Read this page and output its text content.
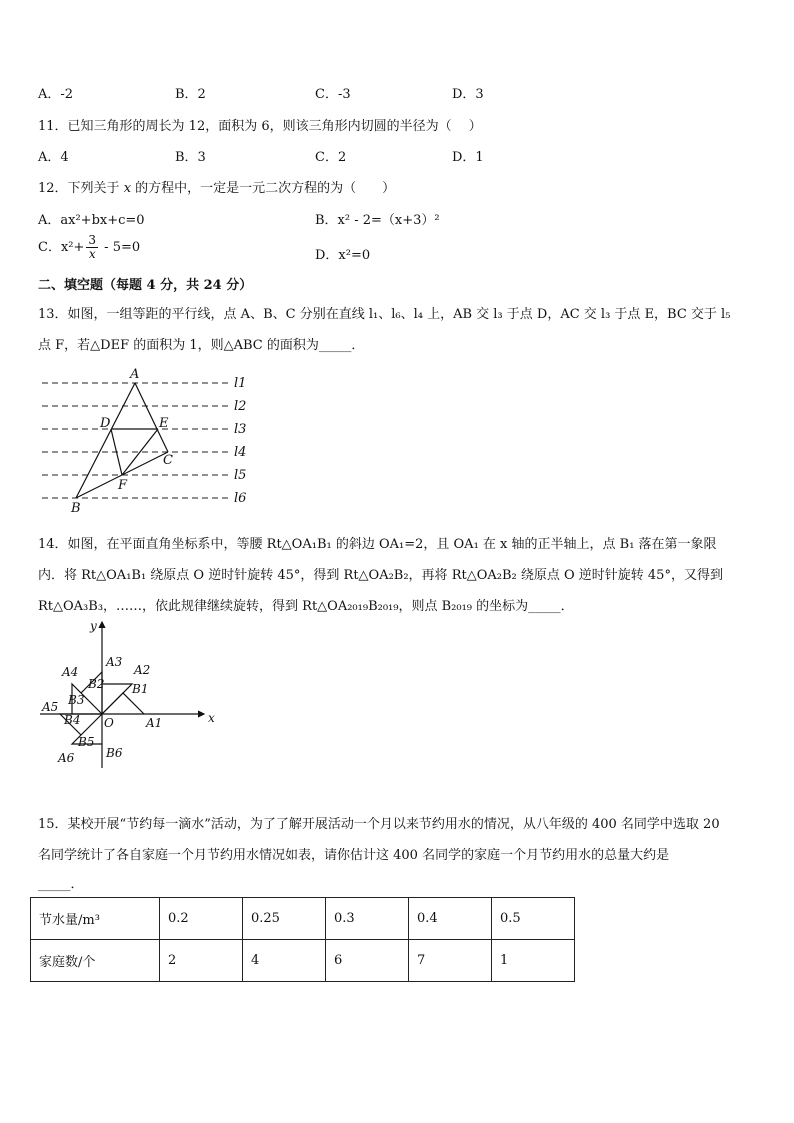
A．-2	B．2	C．-3	D．3
11．已知三角形的周长为 12，面积为 6，则该三角形内切圆的半径为（　 ）
A．4	B．3	C．2	D．1
12．下列关于 x 的方程中，一定是一元二次方程的为（　　）
A．ax²+bx+c=0	B．x² - 2=（x+3）²
C．$x^2+ \frac{3}{x} - 5=0$
D．x²=0
二、填空题（每题 4 分，共 24 分）
13．如图，一组等距的平行线，点 A、B、C 分别在直线 l₁、l₆、l₄ 上，AB 交 l₃ 于点 D，AC 交 l₃ 于点 E，BC 交于 l₅
点 F，若△DEF 的面积为 1，则△ABC 的面积为_____．
A
D	E
C
F
B
l1
l2
l3
l4
l5
l6
14．如图，在平面直角坐标系中，等腰 Rt△OA₁B₁ 的斜边 OA₁=2，且 OA₁ 在 x 轴的正半轴上，点 B₁ 落在第一象限
内．将 Rt△OA₁B₁ 绕原点 O 逆时针旋转 45°，得到 Rt△OA₂B₂，再将 Rt△OA₂B₂ 绕原点 O 逆时针旋转 45°，又得到
Rt△OA₃B₃，……，依此规律继续旋转，得到 Rt△OA₂₀₁₉B₂₀₁₉，则点 B₂₀₁₉ 的坐标为_____．
x
y
O	A1
B1
A2
B2
A3
B3
A4
B4
A5
B5
A6	B6
15．某校开展“节约每一滴水”活动，为了了解开展活动一个月以来节约用水的情况，从八年级的 400 名同学中选取 20
名同学统计了各自家庭一个月节约用水情况如表，请你估计这 400 名同学的家庭一个月节约用水的总量大约是
_____．
节水量/m³	0.2	0.25	0.3	0.4	0.5
家庭数/个	2	4	6	7	1
